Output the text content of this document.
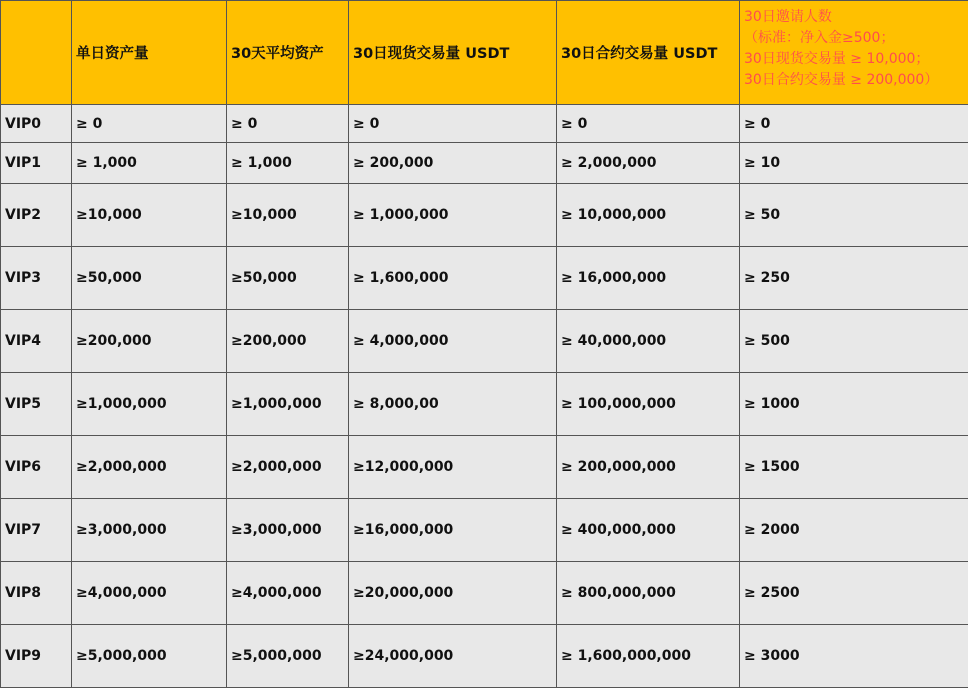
	单日资产量	30天平均资产	30日现货交易量 USDT	30日合约交易量 USDT	30日邀请人数
（标准：净入金≥500；
30日现货交易量 ≥ 10,000；
30日合约交易量 ≥ 200,000）

VIP0	≥ 0	≥ 0	≥ 0	≥ 0	≥ 0
VIP1	≥ 1,000	≥ 1,000	≥ 200,000	≥ 2,000,000	≥ 10
VIP2	≥10,000	≥10,000	≥ 1,000,000	≥ 10,000,000	≥ 50
VIP3	≥50,000	≥50,000	≥ 1,600,000	≥ 16,000,000	≥ 250
VIP4	≥200,000	≥200,000	≥ 4,000,000	≥ 40,000,000	≥ 500
VIP5	≥1,000,000	≥1,000,000	≥ 8,000,00	≥ 100,000,000	≥ 1000
VIP6	≥2,000,000	≥2,000,000	≥12,000,000	≥ 200,000,000	≥ 1500
VIP7	≥3,000,000	≥3,000,000	≥16,000,000	≥ 400,000,000	≥ 2000
VIP8	≥4,000,000	≥4,000,000	≥20,000,000	≥ 800,000,000	≥ 2500
VIP9	≥5,000,000	≥5,000,000	≥24,000,000	≥ 1,600,000,000	≥ 3000
